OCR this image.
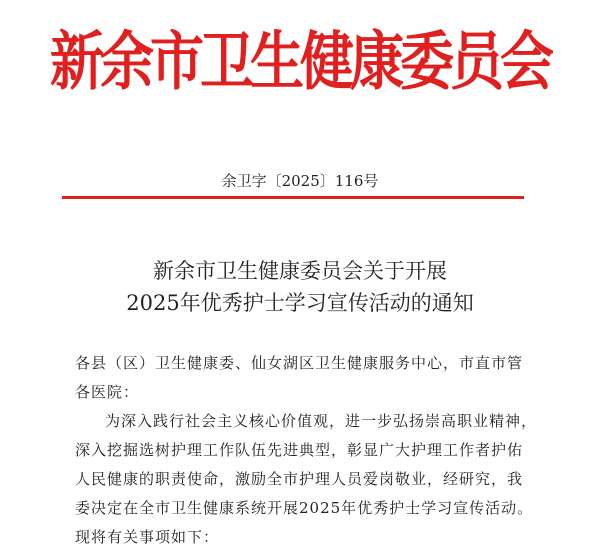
新余市卫生健康委员会
余卫字〔2025〕116号
新余市卫生健康委员会关于开展
2025年优秀护士学习宣传活动的通知

各县（区）卫生健康委、仙女湖区卫生健康服务中心，市直市管

各医院：

为深入践行社会主义核心价值观，进一步弘扬崇高职业精神，

深入挖掘选树护理工作队伍先进典型，彰显广大护理工作者护佑

人民健康的职责使命，激励全市护理人员爱岗敬业，经研究，我

委决定在全市卫生健康系统开展2025年优秀护士学习宣传活动。

现将有关事项如下：
